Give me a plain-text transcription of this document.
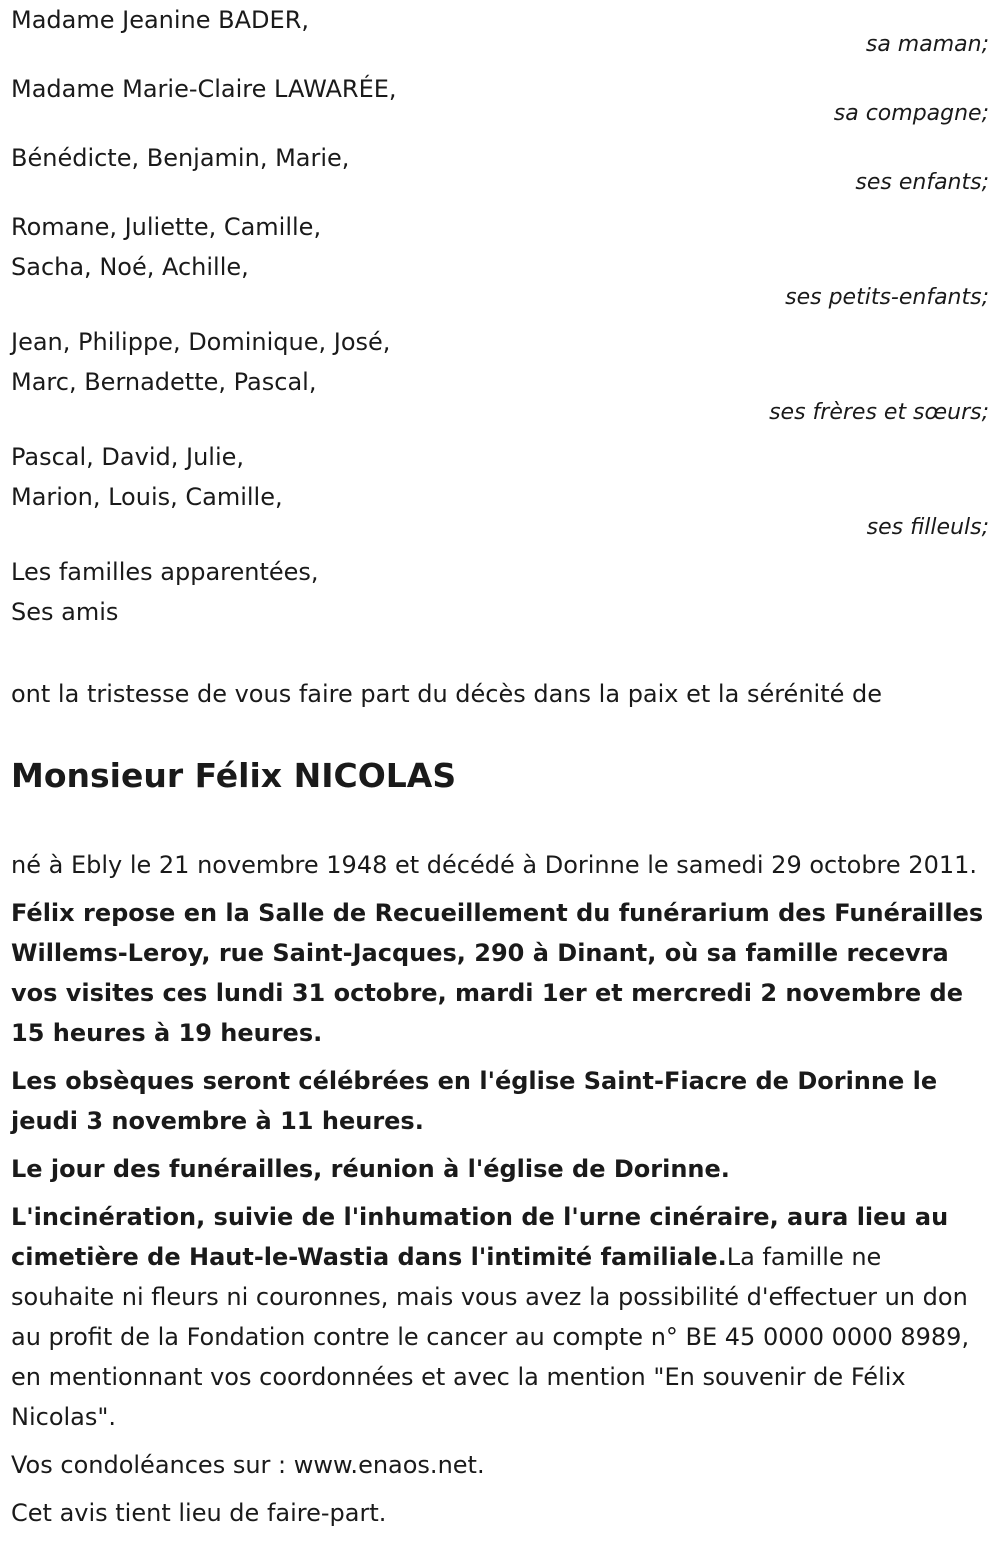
Madame Jeanine BADER,
sa maman;
Madame Marie-Claire LAWARÉE,
sa compagne;
Bénédicte, Benjamin, Marie,
ses enfants;
Romane, Juliette, Camille,
Sacha, Noé, Achille,
ses petits-enfants;
Jean, Philippe, Dominique, José,
Marc, Bernadette, Pascal,
ses frères et sœurs;
Pascal, David, Julie,
Marion, Louis, Camille,
ses filleuls;
Les familles apparentées,
Ses amis
ont la tristesse de vous faire part du décès dans la paix et la sérénité de
Monsieur Félix NICOLAS

né à Ebly le 21 novembre 1948 et décédé à Dorinne le samedi 29 octobre 2011.

Félix repose en la Salle de Recueillement du funérarium des Funérailles Willems-Leroy, rue Saint-Jacques, 290 à Dinant, où sa famille recevra vos visites ces lundi 31 octobre, mardi 1er et mercredi 2 novembre de 15 heures à 19 heures.

Les obsèques seront célébrées en l'église Saint-Fiacre de Dorinne le jeudi 3 novembre à 11 heures.

Le jour des funérailles, réunion à l'église de Dorinne.

L'incinération, suivie de l'inhumation de l'urne cinéraire, aura lieu au cimetière de Haut-le-Wastia dans l'intimité familiale.La famille ne souhaite ni fleurs ni couronnes, mais vous avez la possibilité d'effectuer un don au profit de la Fondation contre le cancer au compte n° BE 45 0000 0000 8989, en mentionnant vos coordonnées et avec la mention "En souvenir de Félix Nicolas".

Vos condoléances sur : www.enaos.net.

Cet avis tient lieu de faire-part.
